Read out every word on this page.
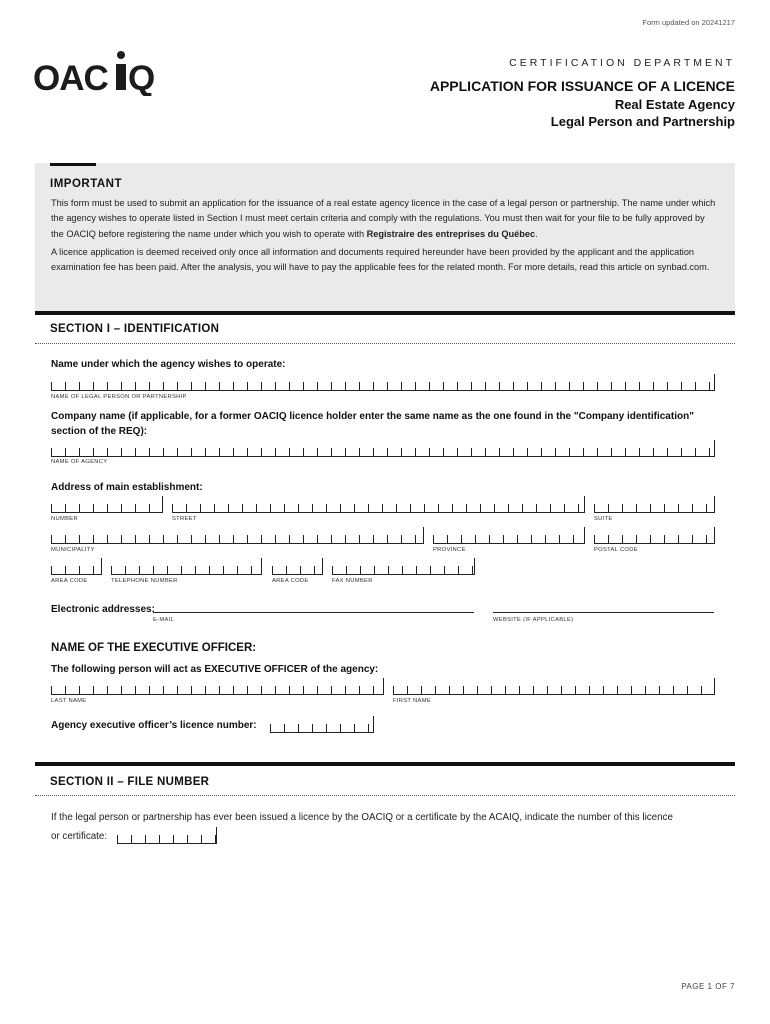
Form updated on 20241217
OAC Q	CERTIFICATION DEPARTMENT
APPLICATION FOR ISSUANCE OF A LICENCE
Real Estate Agency
Legal Person and Partnership
IMPORTANT
This form must be used to submit an application for the issuance of a real estate agency licence in the case of a legal person or partnership. The name under which the agency wishes to operate listed in Section I must meet certain criteria and comply with the regulations. You must then wait for your file to be fully approved by the OACIQ before registering the name under which you wish to operate with Registraire des entreprises du Québec.
A licence application is deemed received only once all information and documents required hereunder have been provided by the applicant and the application examination fee has been paid. After the analysis, you will have to pay the applicable fees for the related month. For more details, read this article on synbad.com.
SECTION I – IDENTIFICATION
Name under which the agency wishes to operate:
NAME OF LEGAL PERSON OR PARTNERSHIP
Company name (if applicable, for a former OACIQ licence holder enter the same name as the one found in the "Company identification" section of the REQ):
NAME OF AGENCY
Address of main establishment:
NUMBER	STREET	SUITE
MUNICIPALITY	PROVINCE	POSTAL CODE
AREA CODE	TELEPHONE NUMBER	AREA CODE	FAX NUMBER
Electronic addresses:
E-MAIL	WEBSITE (IF APPLICABLE)
NAME OF THE EXECUTIVE OFFICER:
The following person will act as EXECUTIVE OFFICER of the agency:
LAST NAME	FIRST NAME
Agency executive officer’s licence number:
SECTION II – FILE NUMBER
If the legal person or partnership has ever been issued a licence by the OACIQ or a certificate by the ACAIQ, indicate the number of this licence
or certificate:
PAGE 1 OF 7
